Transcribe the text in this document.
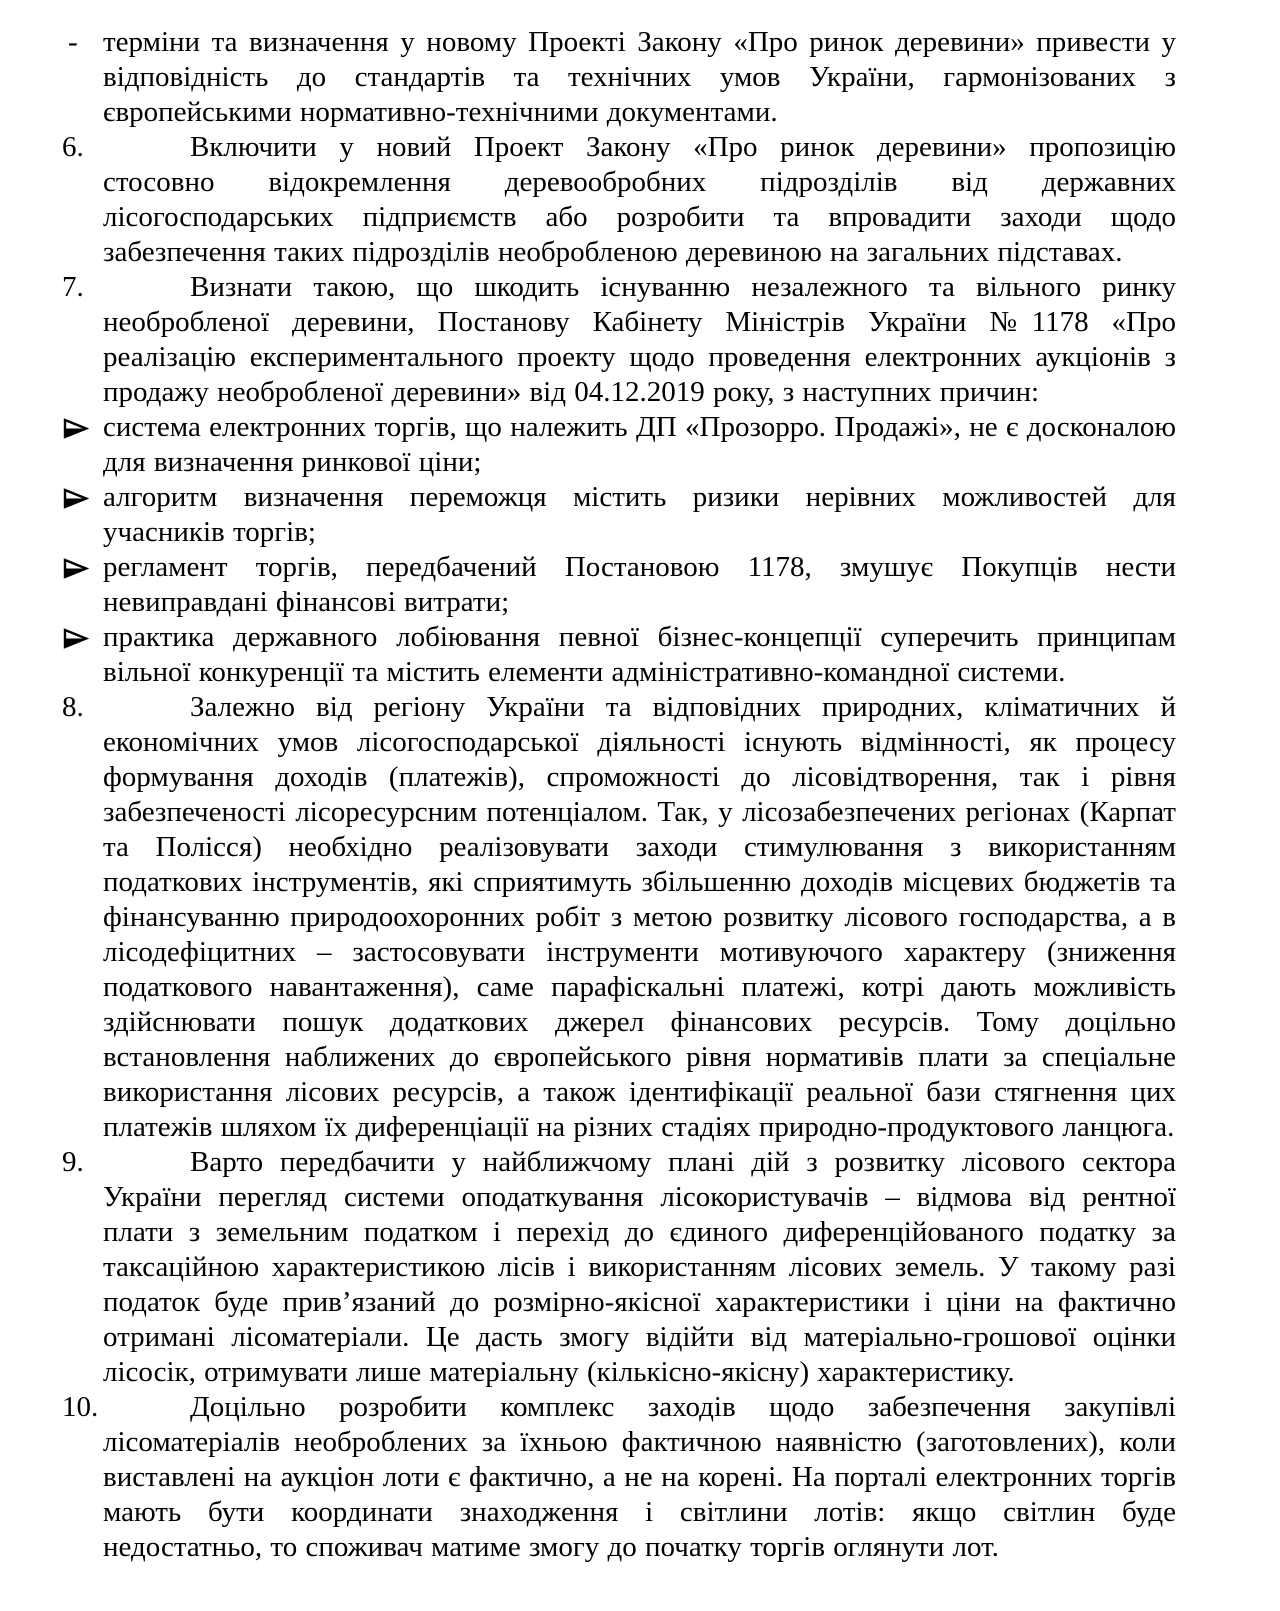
- терміни та визначення у новому Проекті Закону «Про ринок деревини» привести у відповідність до стандартів та технічних умов України, гармонізованих з європейськими нормативно-технічними документами.
6.	Включити у новий Проект Закону «Про ринок деревини» пропозицію стосовно відокремлення деревообробних підрозділів від державних лісогосподарських підприємств або розробити та впровадити заходи щодо забезпечення таких підрозділів необробленою деревиною на загальних підставах.
7.	Визнати такою, що шкодить існуванню незалежного та вільного ринку необробленої деревини, Постанову Кабінету Міністрів України №1178 «Про реалізацію експериментального проекту щодо проведення електронних аукціонів з продажу необробленої деревини» від 04.12.2019 року, з наступних причин:
система електронних торгів, що належить ДП «Прозорро. Продажі», не є досконалою для визначення ринкової ціни;
алгоритм визначення переможця містить ризики нерівних можливостей для учасників торгів;
регламент торгів, передбачений Постановою 1178, змушує Покупців нести невиправдані фінансові витрати;
практика державного лобіювання певної бізнес-концепції суперечить принципам вільної конкуренції та містить елементи адміністративно-командної системи.
8.	Залежно від регіону України та відповідних природних, кліматичних й економічних умов лісогосподарської діяльності існують відмінності, як процесу формування доходів (платежів), спроможності до лісовідтворення, так і рівня забезпеченості лісоресурсним потенціалом. Так, у лісозабезпечених регіонах (Карпат та Полісся) необхідно реалізовувати заходи стимулювання з використанням податкових інструментів, які сприятимуть збільшенню доходів місцевих бюджетів та фінансуванню природоохоронних робіт з метою розвитку лісового господарства, а в лісодефіцитних – застосовувати інструменти мотивуючого характеру (зниження податкового навантаження), саме парафіскальні платежі, котрі дають можливість здійснювати пошук додаткових джерел фінансових ресурсів. Тому доцільно встановлення наближених до європейського рівня нормативів плати за спеціальне використання лісових ресурсів, а також ідентифікації реальної бази стягнення цих платежів шляхом їх диференціації на різних стадіях природно-продуктового ланцюга.
9.	Варто передбачити у найближчому плані дій з розвитку лісового сектора України перегляд системи оподаткування лісокористувачів – відмова від рентної плати з земельним податком і перехід до єдиного диференційованого податку за таксаційною характеристикою лісів і використанням лісових земель. У такому разі податок буде прив’язаний до розмірно-якісної характеристики і ціни на фактично отримані лісоматеріали. Це дасть змогу відійти від матеріально-грошової оцінки лісосік, отримувати лише матеріальну (кількісно-якісну) характеристику.
10.	Доцільно розробити комплекс заходів щодо забезпечення закупівлі лісоматеріалів необроблених за їхньою фактичною наявністю (заготовлених), коли виставлені на аукціон лоти є фактично, а не на корені. На порталі електронних торгів мають бути координати знаходження і світлини лотів: якщо світлин буде недостатньо, то споживач матиме змогу до початку торгів оглянути лот.
